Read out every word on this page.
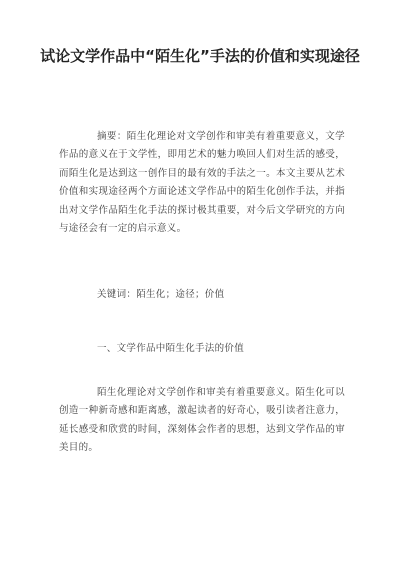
试论文学作品中“陌生化”手法的价值和实现途径
摘要：陌生化理论对文学创作和审美有着重要意义，文学作品的意义在于文学性，即用艺术的魅力唤回人们对生活的感受，而陌生化是达到这一创作目的最有效的手法之一。本文主要从艺术价值和实现途径两个方面论述文学作品中的陌生化创作手法，并指出对文学作品陌生化手法的探讨极其重要，对今后文学研究的方向与途径会有一定的启示意义。
关键词：陌生化；途径；价值
一、文学作品中陌生化手法的价值
陌生化理论对文学创作和审美有着重要意义。陌生化可以创造一种新奇感和距离感，激起读者的好奇心，吸引读者注意力，延长感受和欣赏的时间，深刻体会作者的思想，达到文学作品的审美目的。
